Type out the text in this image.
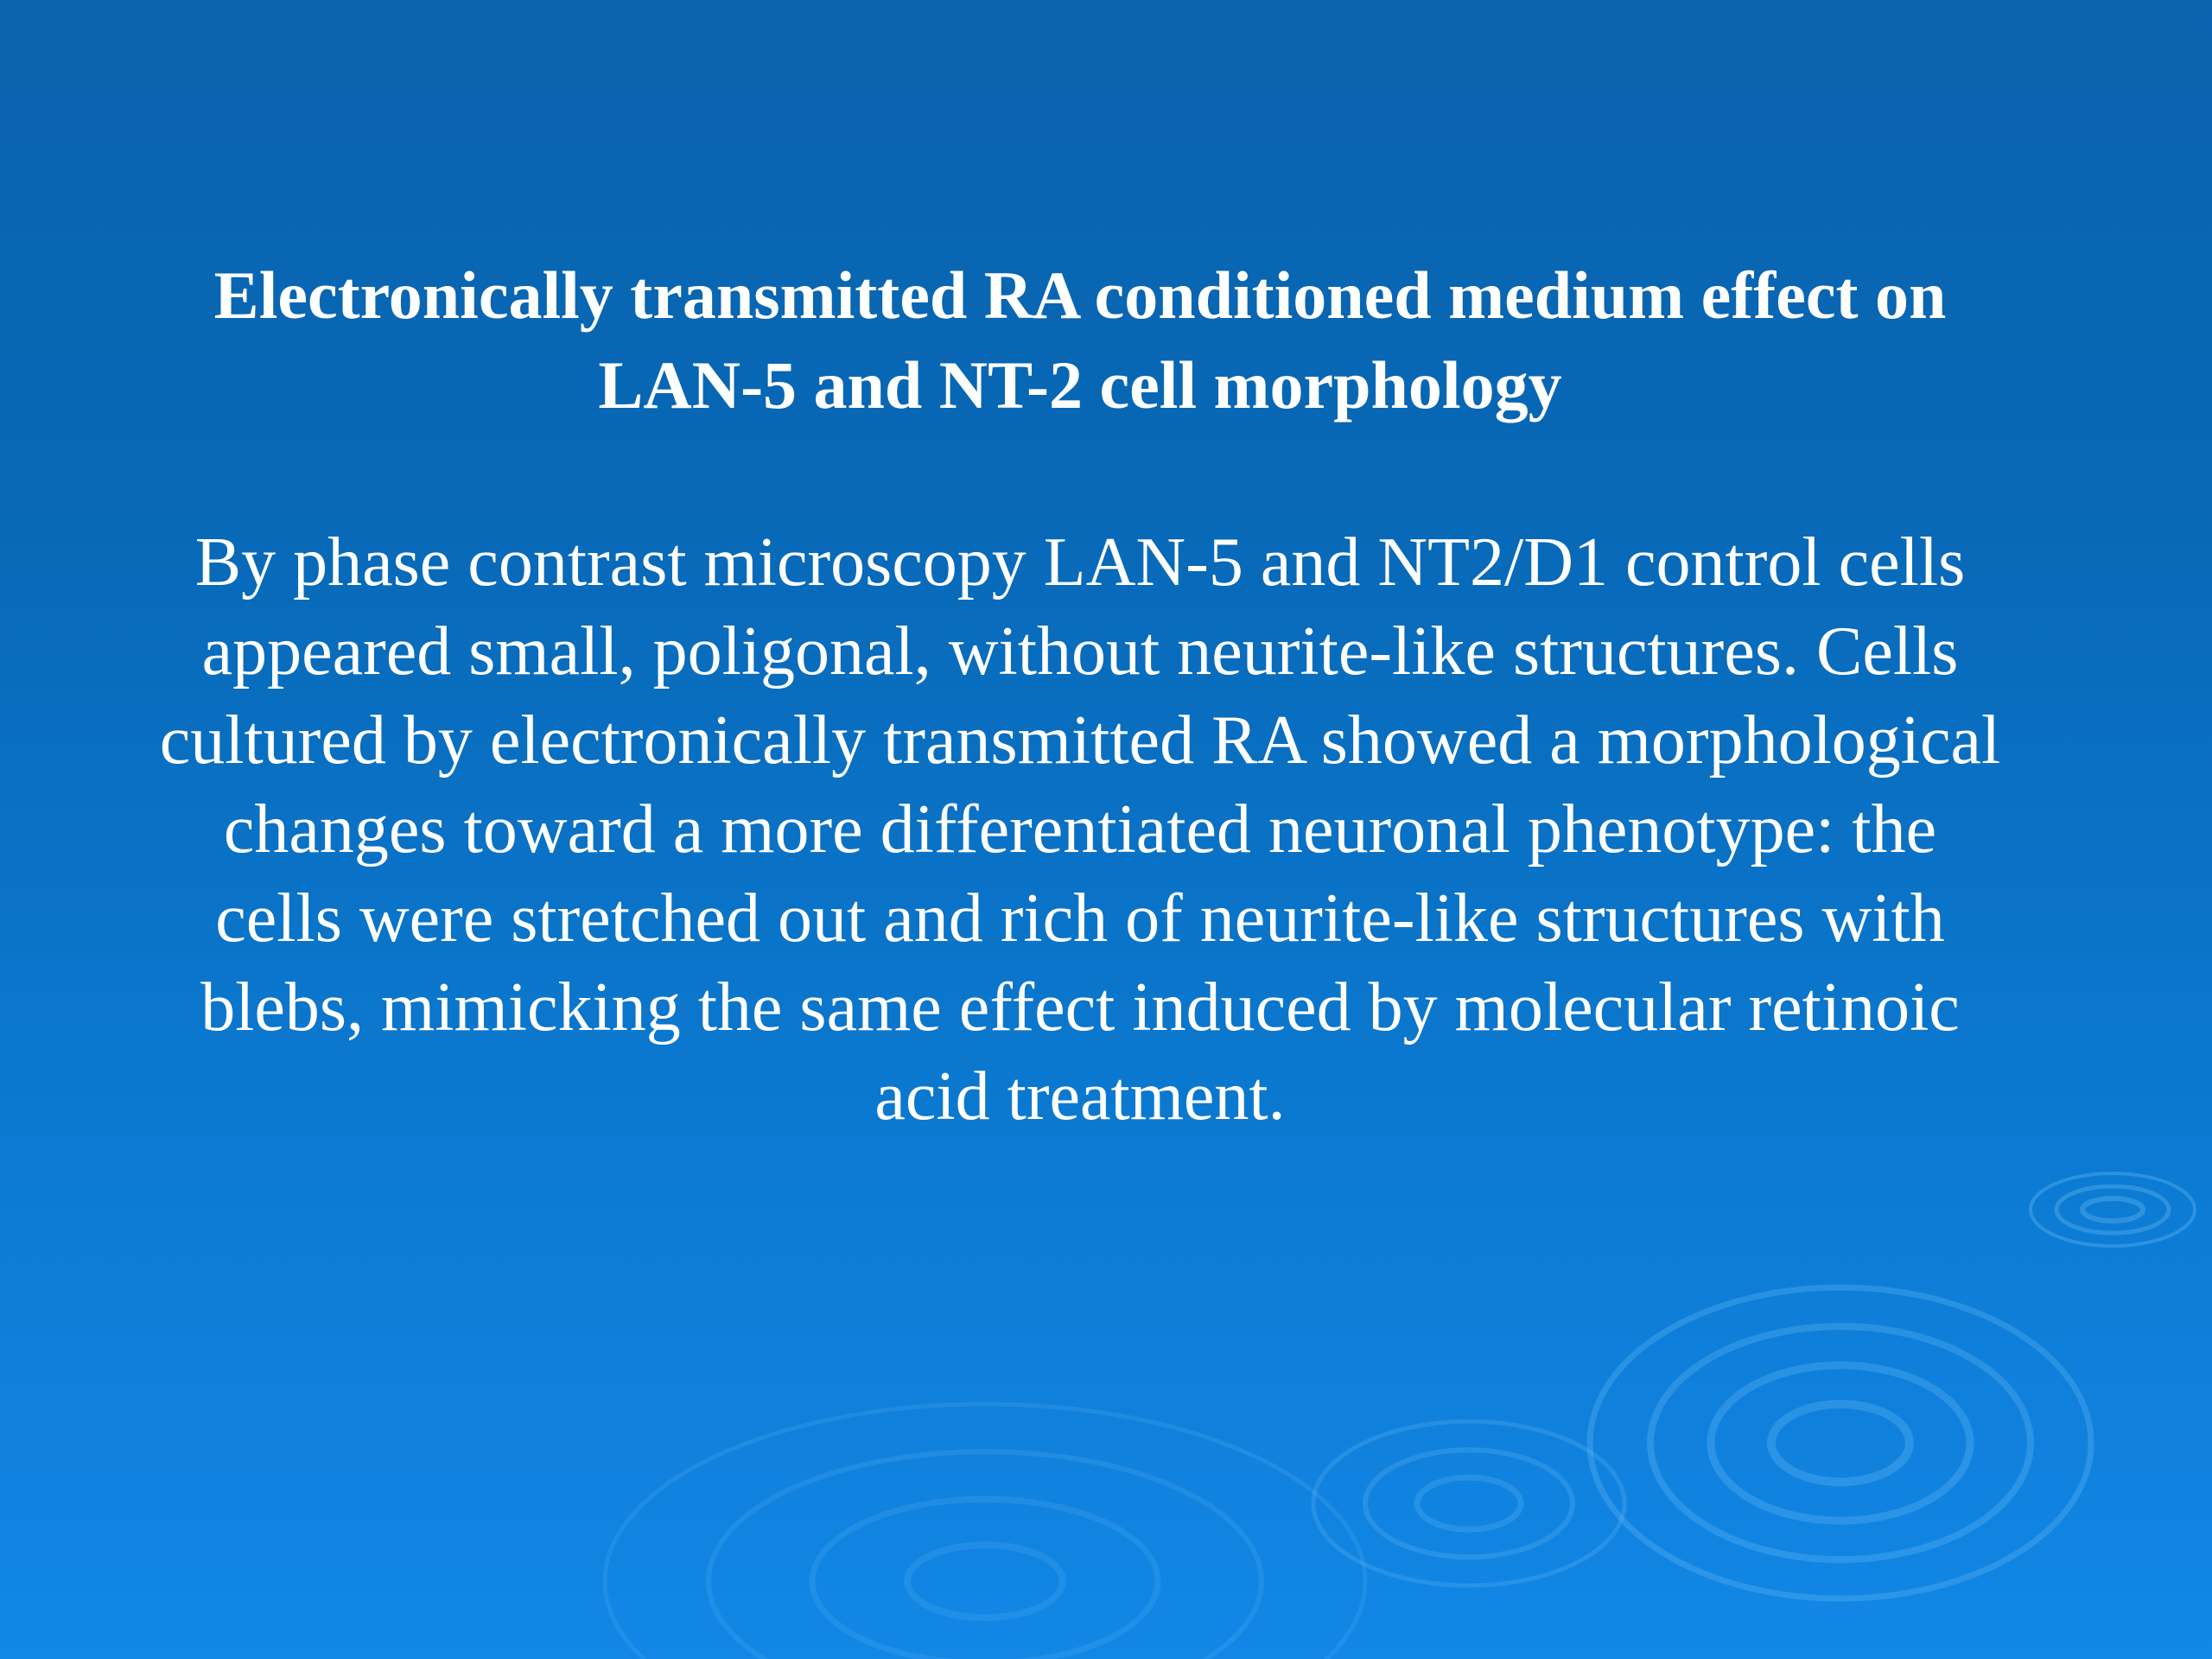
Electronically transmitted RA conditioned medium effect on LAN-5 and NT-2 cell morphology

By phase contrast microscopy LAN-5 and NT2/D1 control cells appeared small, poligonal, without neurite-like structures. Cells cultured by electronically transmitted RA showed a morphological changes toward a more differentiated neuronal phenotype: the cells were stretched out and rich of neurite-like structures with blebs, mimicking the same effect induced by molecular retinoic acid treatment.
